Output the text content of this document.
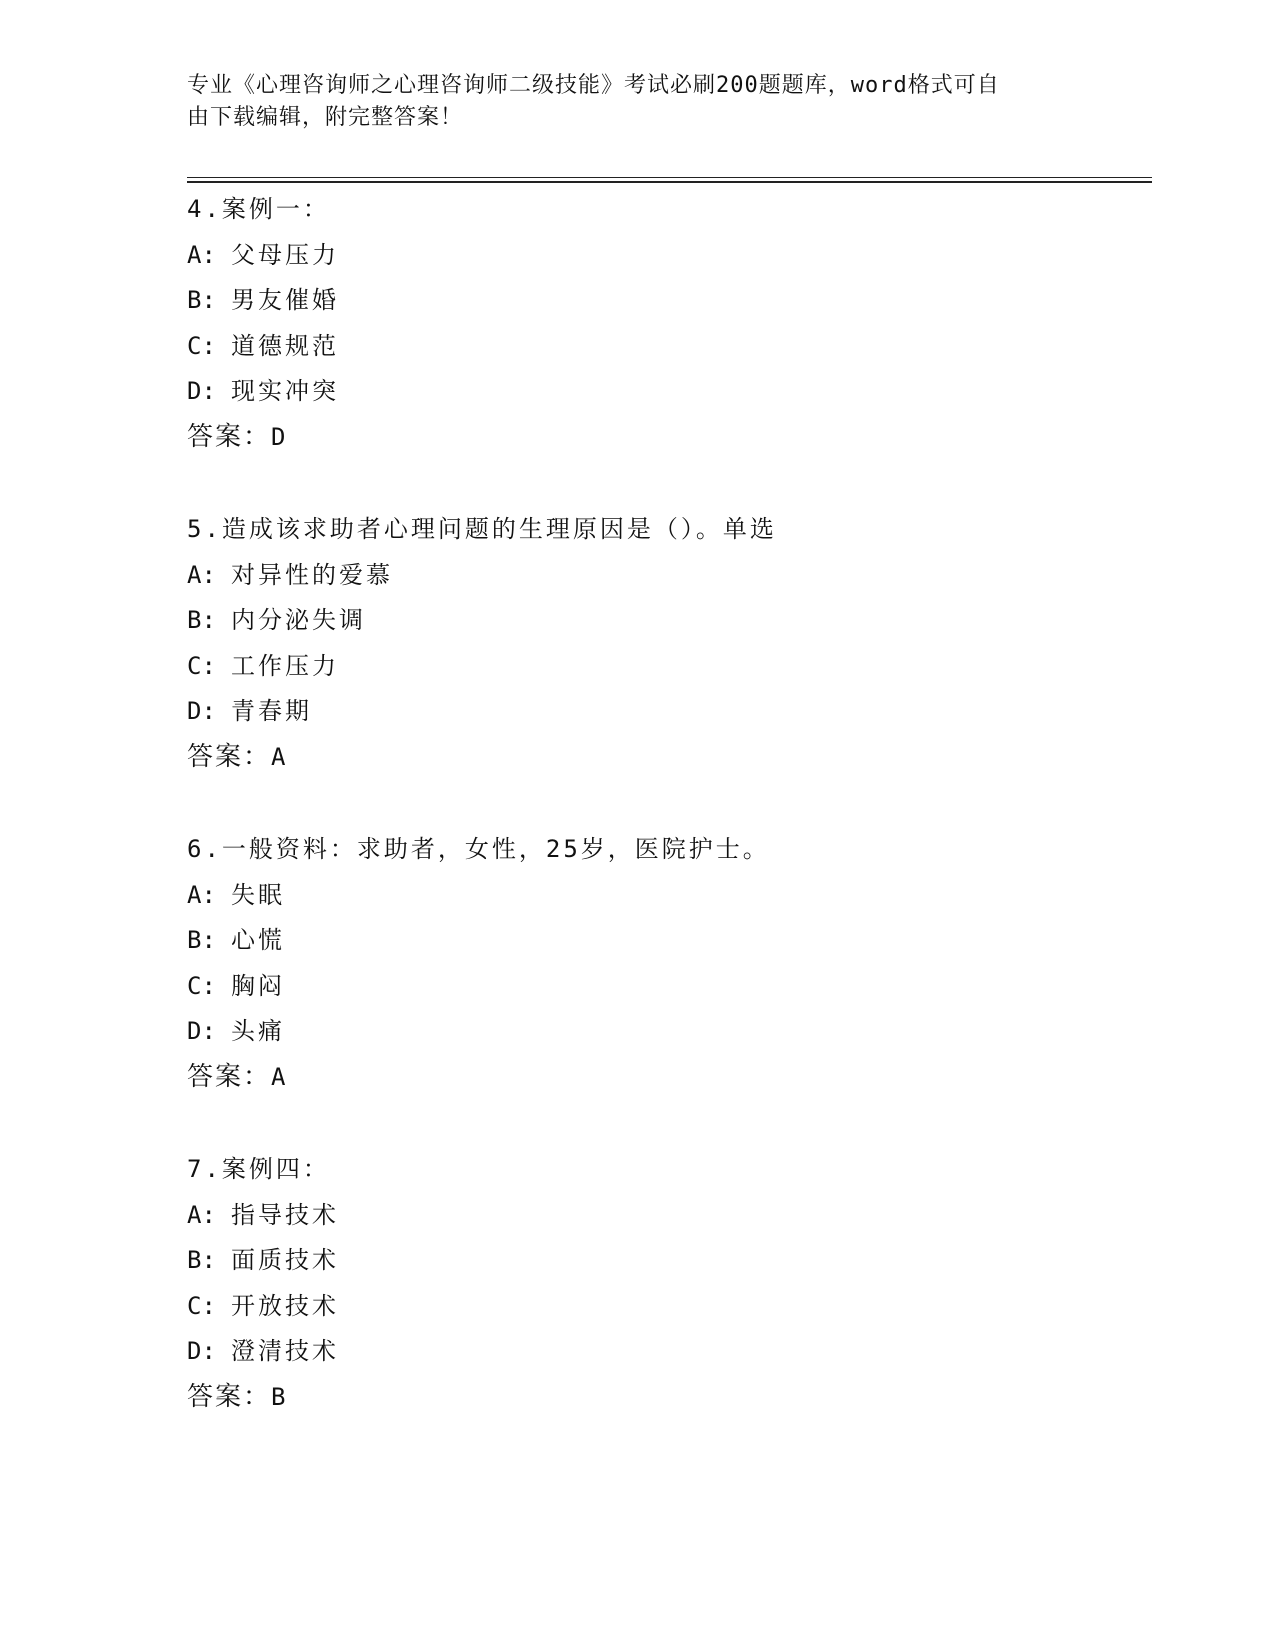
专业《心理咨询师之心理咨询师二级技能》考试必刷200题题库，word格式可自
由下载编辑，附完整答案！
4.案例一：
A: 父母压力
B: 男友催婚
C: 道德规范
D: 现实冲突
答案：D
5.造成该求助者心理问题的生理原因是（）。单选
A: 对异性的爱慕
B: 内分泌失调
C: 工作压力
D: 青春期
答案：A
6.一般资料：求助者，女性，25岁，医院护士。
A: 失眠
B: 心慌
C: 胸闷
D: 头痛
答案：A
7.案例四：
A: 指导技术
B: 面质技术
C: 开放技术
D: 澄清技术
答案：B
